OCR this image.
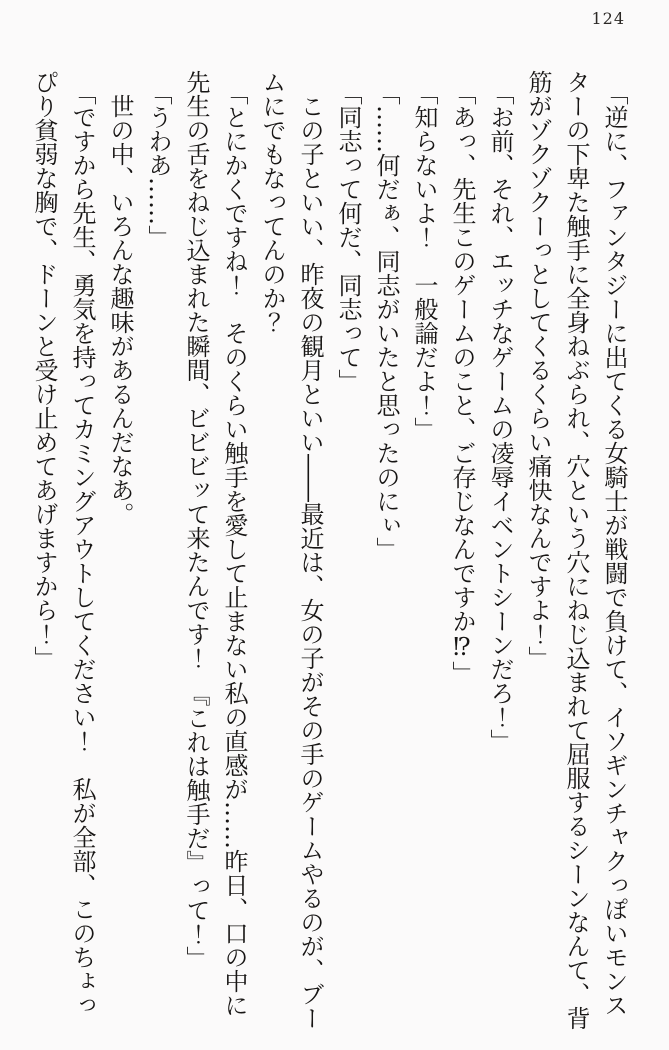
124

「逆に、ファンタジーに出てくる女騎士が戦闘で負けて、イソギンチャクっぽいモンスターの下卑た触手に全身ねぶられ、穴という穴にねじ込まれて屈服するシーンなんて、背筋がゾクゾクーっとしてくるくらい痛快なんですよ！」

「お前、それ、エッチなゲームの凌辱イベントシーンだろ！」

「あっ、先生このゲームのこと、ご存じなんですか⁉」

「知らないよ！　一般論だよ！」

「……何だぁ、同志がいたと思ったのにぃ」

「同志って何だ、同志って」

この子といい、昨夜の観月といい――最近は、女の子がその手のゲームやるのが、ブームにでもなってんのか？

「とにかくですね！　そのくらい触手を愛して止まない私の直感が……昨日、口の中に先生の舌をねじ込まれた瞬間、ビビビッて来たんです！　『これは触手だ』って！」

「うわあ……」

世の中、いろんな趣味があるんだなあ。

「ですから先生、勇気を持ってカミングアウトしてください！　私が全部、このちょっぴり貧弱な胸で、ドーンと受け止めてあげますから！」
